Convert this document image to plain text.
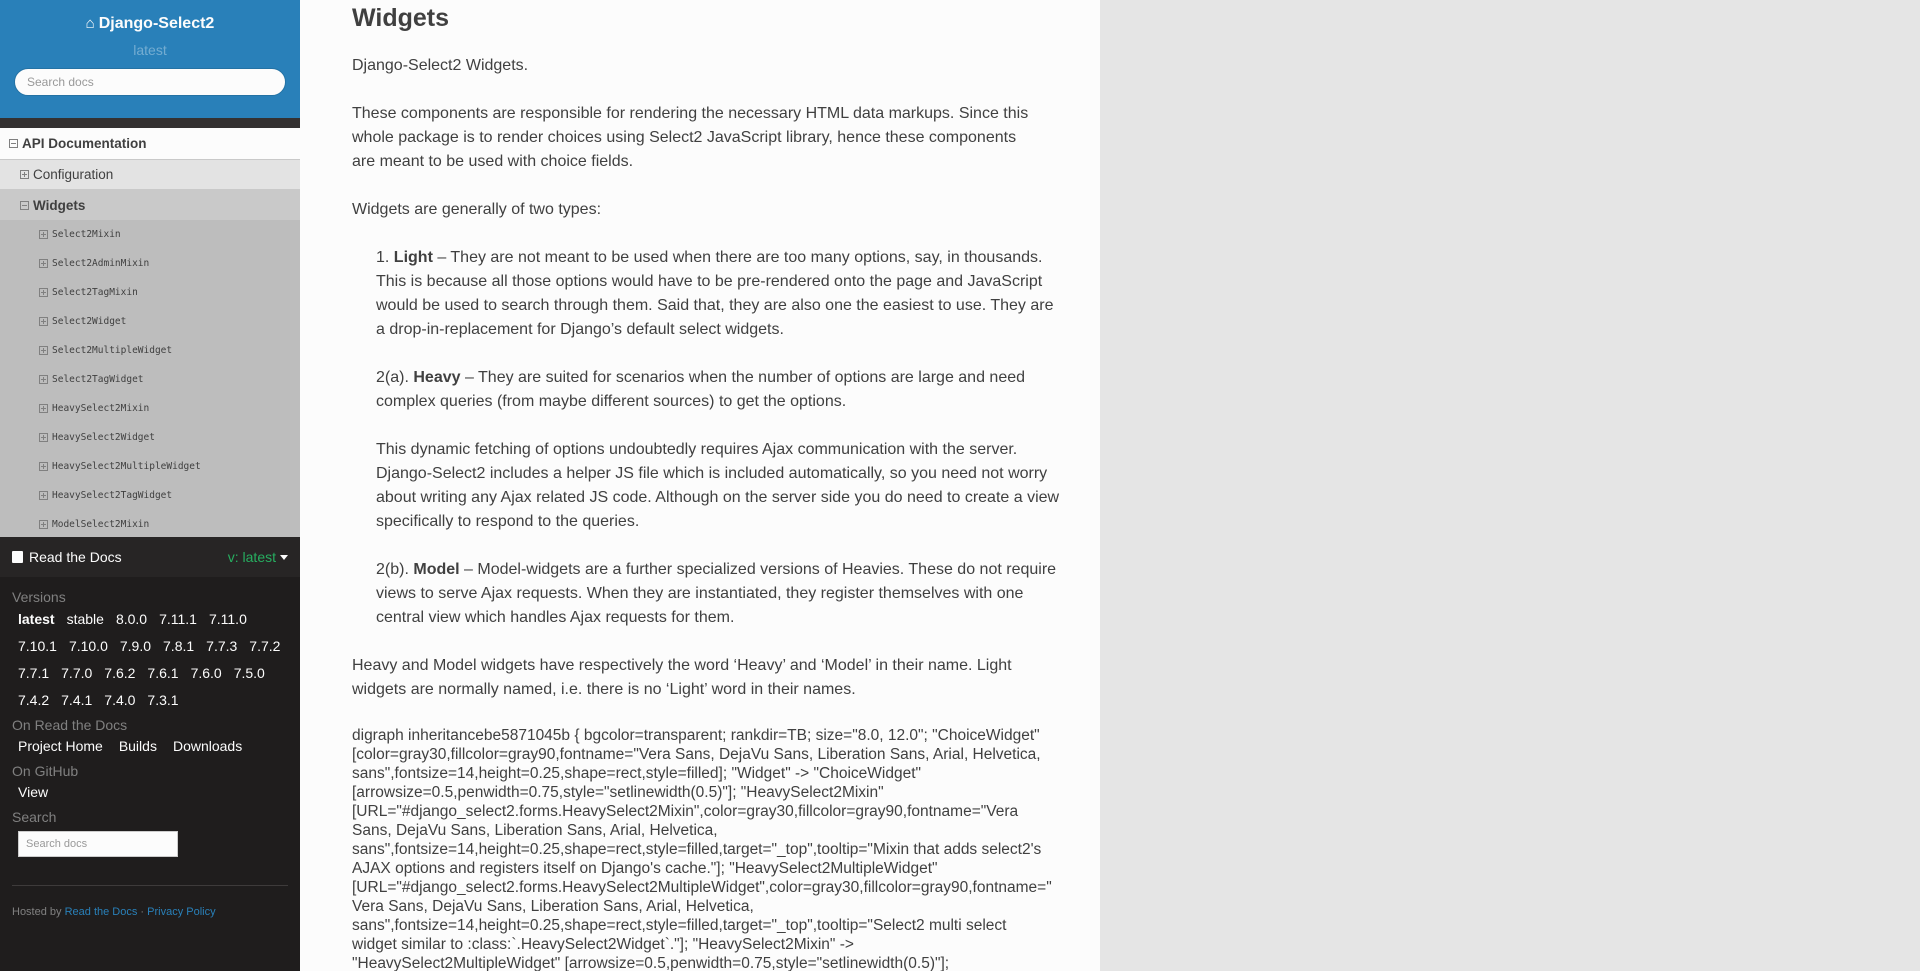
⌂ Django-Select2
latest
Search docs
API Documentation
Configuration
Widgets
Select2Mixin
Select2AdminMixin
Select2TagMixin
Select2Widget
Select2MultipleWidget
Select2TagWidget
HeavySelect2Mixin
HeavySelect2Widget
HeavySelect2MultipleWidget
HeavySelect2TagWidget
ModelSelect2Mixin
Read the Docs	v: latest
Versions
latest stable 8.0.0 7.11.1 7.11.0
7.10.1 7.10.0 7.9.0 7.8.1 7.7.3 7.7.2
7.7.1 7.7.0 7.6.2 7.6.1 7.6.0 7.5.0
7.4.2 7.4.1 7.4.0 7.3.1
On Read the Docs
Project Home	Builds	Downloads
On GitHub
View
Search
Search docs
Hosted by Read the Docs · Privacy Policy
Widgets

Django-Select2 Widgets.

These components are responsible for rendering the necessary HTML data markups. Since this whole package is to render choices using Select2 JavaScript library, hence these components are meant to be used with choice fields.

Widgets are generally of two types:

1. Light – They are not meant to be used when there are too many options, say, in thousands. This is because all those options would have to be pre-rendered onto the page and JavaScript would be used to search through them. Said that, they are also one the easiest to use. They are a drop-in-replacement for Django’s default select widgets.

2(a). Heavy – They are suited for scenarios when the number of options are large and need complex queries (from maybe different sources) to get the options.

This dynamic fetching of options undoubtedly requires Ajax communication with the server. Django-Select2 includes a helper JS file which is included automatically, so you need not worry about writing any Ajax related JS code. Although on the server side you do need to create a view specifically to respond to the queries.

2(b). Model – Model-widgets are a further specialized versions of Heavies. These do not require views to serve Ajax requests. When they are instantiated, they register themselves with one central view which handles Ajax requests for them.

Heavy and Model widgets have respectively the word ‘Heavy’ and ‘Model’ in their name. Light widgets are normally named, i.e. there is no ‘Light’ word in their names.

digraph inheritancebe5871045b { bgcolor=transparent; rankdir=TB; size="8.0, 12.0"; "ChoiceWidget" [color=gray30,fillcolor=gray90,fontname="Vera Sans, DejaVu Sans, Liberation Sans, Arial, Helvetica, sans",fontsize=14,height=0.25,shape=rect,style=filled]; "Widget" -> "ChoiceWidget" [arrowsize=0.5,penwidth=0.75,style="setlinewidth(0.5)"]; "HeavySelect2Mixin" [URL="#django_select2.forms.HeavySelect2Mixin",color=gray30,fillcolor=gray90,fontname="Vera Sans, DejaVu Sans, Liberation Sans, Arial, Helvetica, sans",fontsize=14,height=0.25,shape=rect,style=filled,target="_top",tooltip="Mixin that adds select2's AJAX options and registers itself on Django's cache."]; "HeavySelect2MultipleWidget" [URL="#django_select2.forms.HeavySelect2MultipleWidget",color=gray30,fillcolor=gray90,fontname="Vera Sans, DejaVu Sans, Liberation Sans, Arial, Helvetica, sans",fontsize=14,height=0.25,shape=rect,style=filled,target="_top",tooltip="Select2 multi select widget similar to :class:`.HeavySelect2Widget`."]; "HeavySelect2Mixin" -> "HeavySelect2MultipleWidget" [arrowsize=0.5,penwidth=0.75,style="setlinewidth(0.5)"];
